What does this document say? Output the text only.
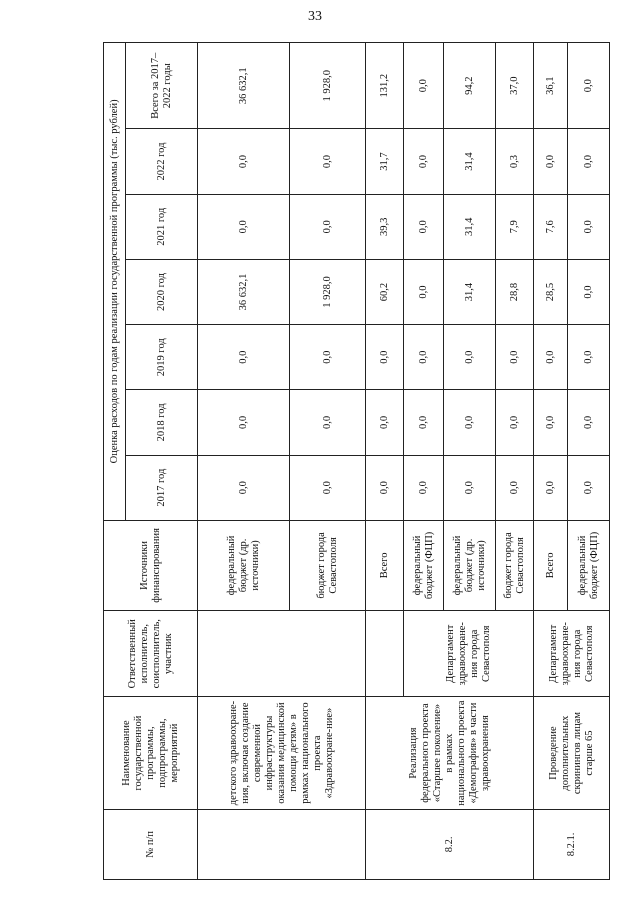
33
№ п/п	Наименование государственной программы, подпрограммы, мероприятий	Ответственный исполнитель, соисполнитель, участник	Источники финансирования	Оценка расходов по годам реализации государственной программы (тыс. рублей)						
				2017 год	2018 год	2019 год	2020 год	2021 год	2022 год	Всего за 2017–2022 годы
	детского здравоохране-ния, включая создание современной инфраструктуры оказания медицинской помощи детям» в рамках национального проекта «Здравоохране-ние»		федеральный бюджет (др. источники)	0,0	0,0	0,0	36 632,1	0,0	0,0	36 632,1
			бюджет города Севастополя	0,0	0,0	0,0	1 928,0	0,0	0,0	1 928,0
8.2.	Реализация федерального проекта «Старшее поколение» в рамках национального проекта «Демография» в части здравоохранения		Всего	0,0	0,0	0,0	60,2	39,3	31,7	131,2
		Департамент здравоохране-ния города Севастополя	федеральный бюджет (ФЦП)	0,0	0,0	0,0	0,0	0,0	0,0	0,0
			федеральный бюджет (др. источники)	0,0	0,0	0,0	31,4	31,4	31,4	94,2
			бюджет города Севастополя	0,0	0,0	0,0	28,8	7,9	0,3	37,0
8.2.1.	Проведение дополнительных скринингов лицам старше 65	Департамент здравоохране-ния города Севастополя	Всего	0,0	0,0	0,0	28,5	7,6	0,0	36,1
			федеральный бюджет (ФЦП)	0,0	0,0	0,0	0,0	0,0	0,0	0,0
